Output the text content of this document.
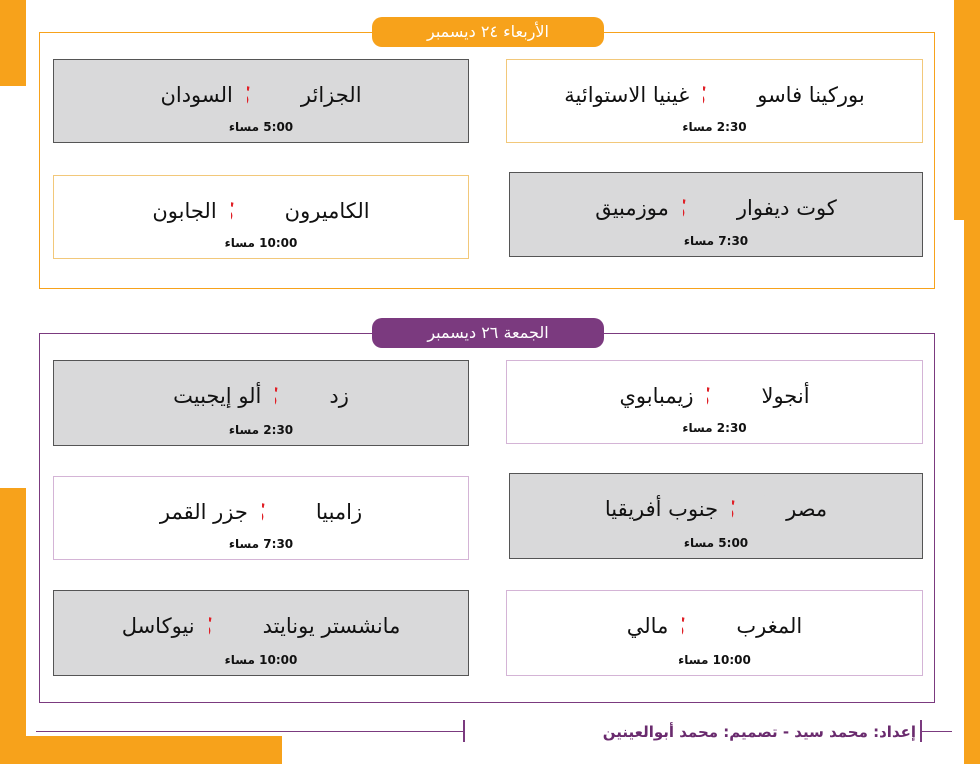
الأربعاء ٢٤ ديسمبر
بوركينا فاسو
غينيا الاستوائية
2:30 مساء
الجزائر
السودان
5:00 مساء
كوت ديفوار
موزمبيق
7:30 مساء
الكاميرون
الجابون
10:00 مساء
الجمعة ٢٦ ديسمبر
أنجولا
زيمبابوي
2:30 مساء
زد
ألو إيجبيت
2:30 مساء
مصر
جنوب أفريقيا
5:00 مساء
زامبيا
جزر القمر
7:30 مساء
المغرب
مالي
10:00 مساء
مانشستر يونايتد
نيوكاسل
10:00 مساء
إعداد: محمد سيد - تصميم: محمد أبوالعينين
